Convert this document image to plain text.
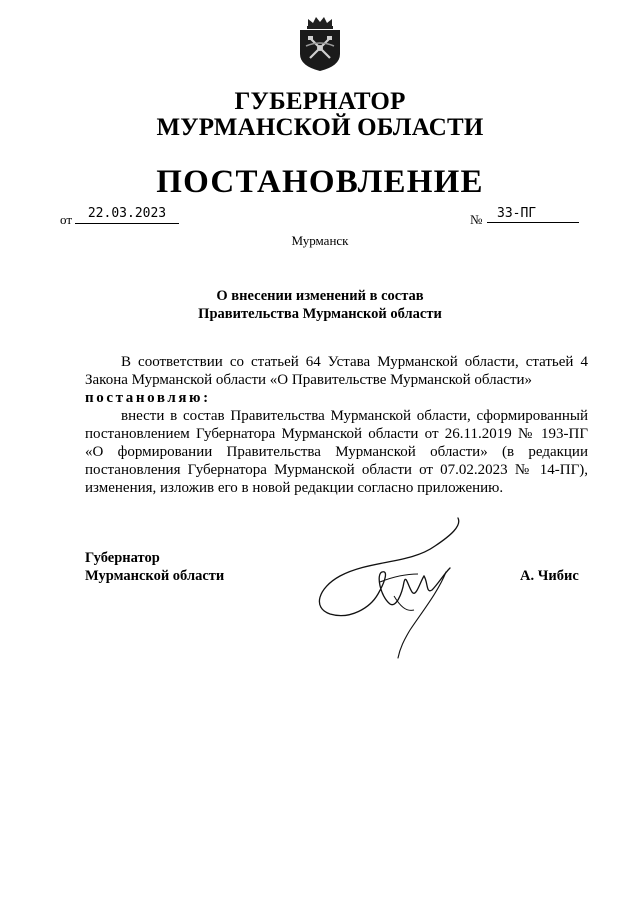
ГУБЕРНАТОР
МУРМАНСКОЙ ОБЛАСТИ
ПОСТАНОВЛЕНИЕ
от	22.03.2023	№	33-ПГ
Мурманск
О внесении изменений в состав
Правительства Мурманской области
В соответствии со статьей 64 Устава Мурманской области, статьей 4 Закона Мурманской области «О Правительстве Мурманской области»
постановляю:
внести в состав Правительства Мурманской области, сформированный постановлением Губернатора Мурманской области от 26.11.2019 № 193-ПГ «О формировании Правительства Мурманской области» (в редакции постановления Губернатора Мурманской области от 07.02.2023 № 14-ПГ), изменения, изложив его в новой редакции согласно приложению.
Губернатор
Мурманской области	А. Чибис
